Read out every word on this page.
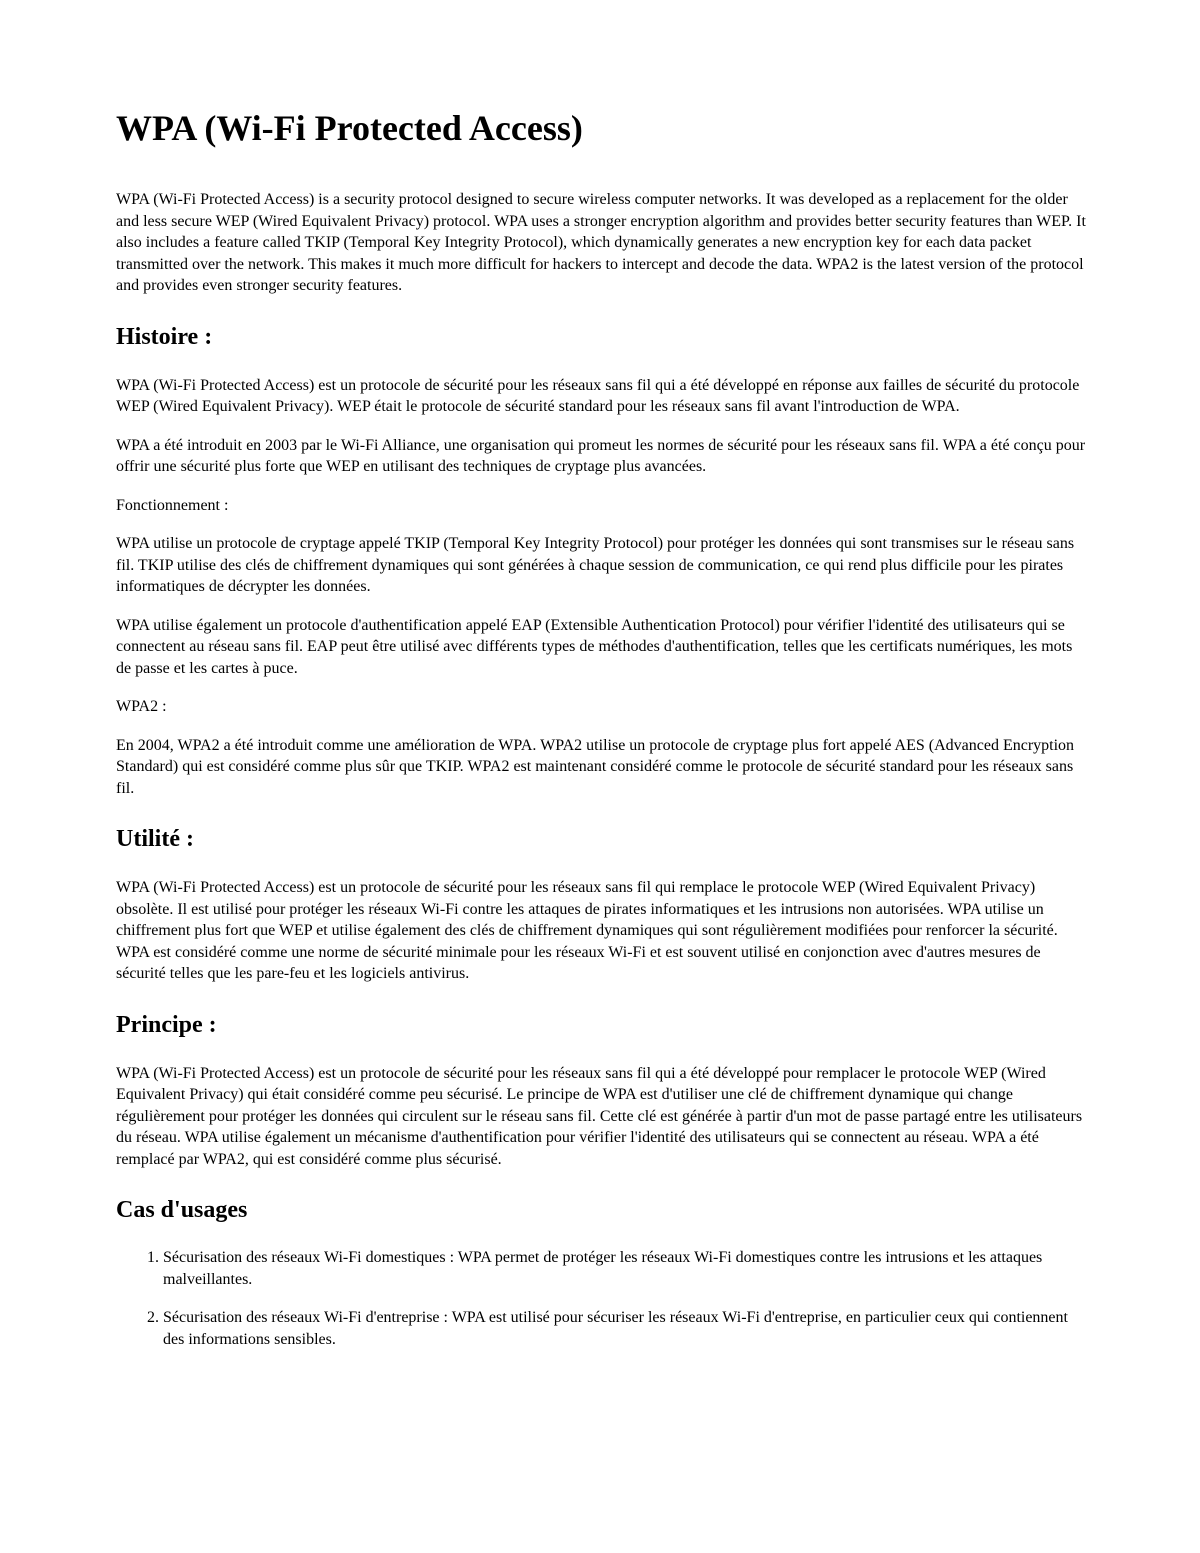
WPA (Wi-Fi Protected Access)

WPA (Wi-Fi Protected Access) is a security protocol designed to secure wireless computer networks. It was developed as a replacement for the older and less secure WEP (Wired Equivalent Privacy) protocol. WPA uses a stronger encryption algorithm and provides better security features than WEP. It also includes a feature called TKIP (Temporal Key Integrity Protocol), which dynamically generates a new encryption key for each data packet transmitted over the network. This makes it much more difficult for hackers to intercept and decode the data. WPA2 is the latest version of the protocol and provides even stronger security features.

Histoire :

WPA (Wi-Fi Protected Access) est un protocole de sécurité pour les réseaux sans fil qui a été développé en réponse aux failles de sécurité du protocole WEP (Wired Equivalent Privacy). WEP était le protocole de sécurité standard pour les réseaux sans fil avant l'introduction de WPA.

WPA a été introduit en 2003 par le Wi-Fi Alliance, une organisation qui promeut les normes de sécurité pour les réseaux sans fil. WPA a été conçu pour offrir une sécurité plus forte que WEP en utilisant des techniques de cryptage plus avancées.

Fonctionnement :

WPA utilise un protocole de cryptage appelé TKIP (Temporal Key Integrity Protocol) pour protéger les données qui sont transmises sur le réseau sans fil. TKIP utilise des clés de chiffrement dynamiques qui sont générées à chaque session de communication, ce qui rend plus difficile pour les pirates informatiques de décrypter les données.

WPA utilise également un protocole d'authentification appelé EAP (Extensible Authentication Protocol) pour vérifier l'identité des utilisateurs qui se connectent au réseau sans fil. EAP peut être utilisé avec différents types de méthodes d'authentification, telles que les certificats numériques, les mots de passe et les cartes à puce.

WPA2 :

En 2004, WPA2 a été introduit comme une amélioration de WPA. WPA2 utilise un protocole de cryptage plus fort appelé AES (Advanced Encryption Standard) qui est considéré comme plus sûr que TKIP. WPA2 est maintenant considéré comme le protocole de sécurité standard pour les réseaux sans fil.

Utilité :

WPA (Wi-Fi Protected Access) est un protocole de sécurité pour les réseaux sans fil qui remplace le protocole WEP (Wired Equivalent Privacy) obsolète. Il est utilisé pour protéger les réseaux Wi-Fi contre les attaques de pirates informatiques et les intrusions non autorisées. WPA utilise un chiffrement plus fort que WEP et utilise également des clés de chiffrement dynamiques qui sont régulièrement modifiées pour renforcer la sécurité. WPA est considéré comme une norme de sécurité minimale pour les réseaux Wi-Fi et est souvent utilisé en conjonction avec d'autres mesures de sécurité telles que les pare-feu et les logiciels antivirus.

Principe :

WPA (Wi-Fi Protected Access) est un protocole de sécurité pour les réseaux sans fil qui a été développé pour remplacer le protocole WEP (Wired Equivalent Privacy) qui était considéré comme peu sécurisé. Le principe de WPA est d'utiliser une clé de chiffrement dynamique qui change régulièrement pour protéger les données qui circulent sur le réseau sans fil. Cette clé est générée à partir d'un mot de passe partagé entre les utilisateurs du réseau. WPA utilise également un mécanisme d'authentification pour vérifier l'identité des utilisateurs qui se connectent au réseau. WPA a été remplacé par WPA2, qui est considéré comme plus sécurisé.

Cas d'usages
1. Sécurisation des réseaux Wi-Fi domestiques : WPA permet de protéger les réseaux Wi-Fi domestiques contre les intrusions et les attaques malveillantes.
2. Sécurisation des réseaux Wi-Fi d'entreprise : WPA est utilisé pour sécuriser les réseaux Wi-Fi d'entreprise, en particulier ceux qui contiennent des informations sensibles.
